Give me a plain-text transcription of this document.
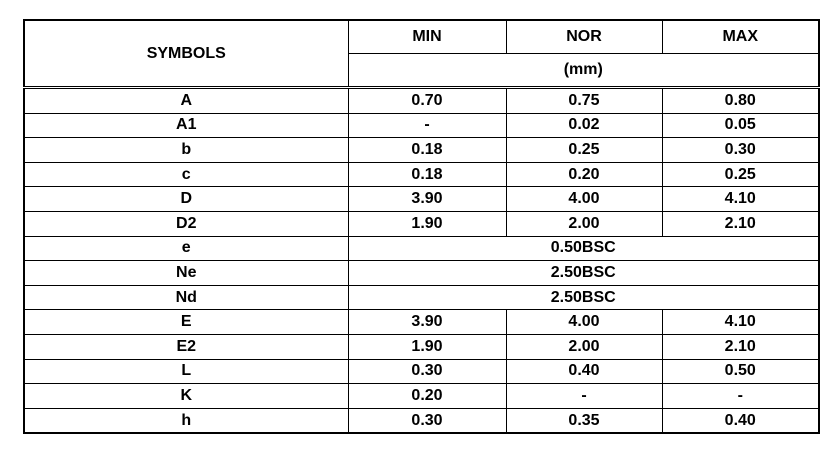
SYMBOLS	MIN	NOR	MAX
	(mm)		
A	0.70	0.75	0.80
A1	-	0.02	0.05
b	0.18	0.25	0.30
c	0.18	0.20	0.25
D	3.90	4.00	4.10
D2	1.90	2.00	2.10
e	0.50BSC		
Ne	2.50BSC		
Nd	2.50BSC		
E	3.90	4.00	4.10
E2	1.90	2.00	2.10
L	0.30	0.40	0.50
K	0.20	-	-
h	0.30	0.35	0.40
